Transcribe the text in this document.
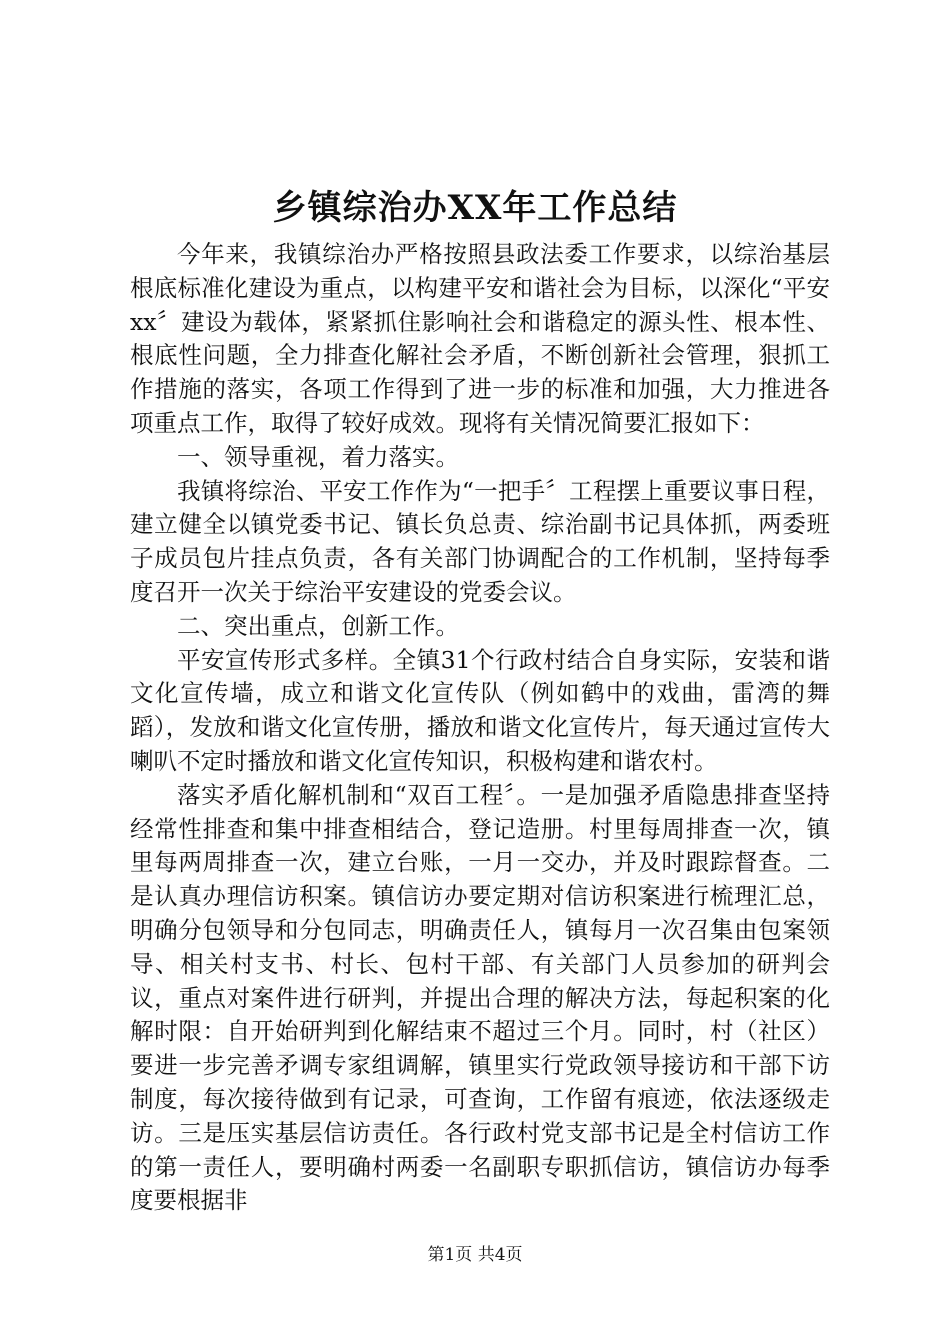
乡镇综治办XX年工作总结

今年来，我镇综治办严格按照县政法委工作要求，以综治基层根底标准化建设为重点，以构建平安和谐社会为目标，以深化“平安xx〞建设为载体，紧紧抓住影响社会和谐稳定的源头性、根本性、根底性问题，全力排查化解社会矛盾，不断创新社会管理，狠抓工作措施的落实，各项工作得到了进一步的标准和加强，大力推进各项重点工作，取得了较好成效。现将有关情况简要汇报如下：

一、领导重视，着力落实。

我镇将综治、平安工作作为“一把手〞工程摆上重要议事日程，建立健全以镇党委书记、镇长负总责、综治副书记具体抓，两委班子成员包片挂点负责，各有关部门协调配合的工作机制，坚持每季度召开一次关于综治平安建设的党委会议。

二、突出重点，创新工作。

平安宣传形式多样。全镇31个行政村结合自身实际，安装和谐文化宣传墙，成立和谐文化宣传队（例如鹤中的戏曲，雷湾的舞蹈），发放和谐文化宣传册，播放和谐文化宣传片，每天通过宣传大喇叭不定时播放和谐文化宣传知识，积极构建和谐农村。

落实矛盾化解机制和“双百工程〞。一是加强矛盾隐患排查坚持经常性排查和集中排查相结合，登记造册。村里每周排查一次，镇里每两周排查一次，建立台账，一月一交办，并及时跟踪督查。二是认真办理信访积案。镇信访办要定期对信访积案进行梳理汇总，明确分包领导和分包同志，明确责任人，镇每月一次召集由包案领导、相关村支书、村长、包村干部、有关部门人员参加的研判会议，重点对案件进行研判，并提出合理的解决方法，每起积案的化解时限：自开始研判到化解结束不超过三个月。同时，村（社区）要进一步完善矛调专家组调解，镇里实行党政领导接访和干部下访制度，每次接待做到有记录，可查询，工作留有痕迹，依法逐级走访。三是压实基层信访责任。各行政村党支部书记是全村信访工作的第一责任人，要明确村两委一名副职专职抓信访，镇信访办每季度要根据非

第1页 共4页
